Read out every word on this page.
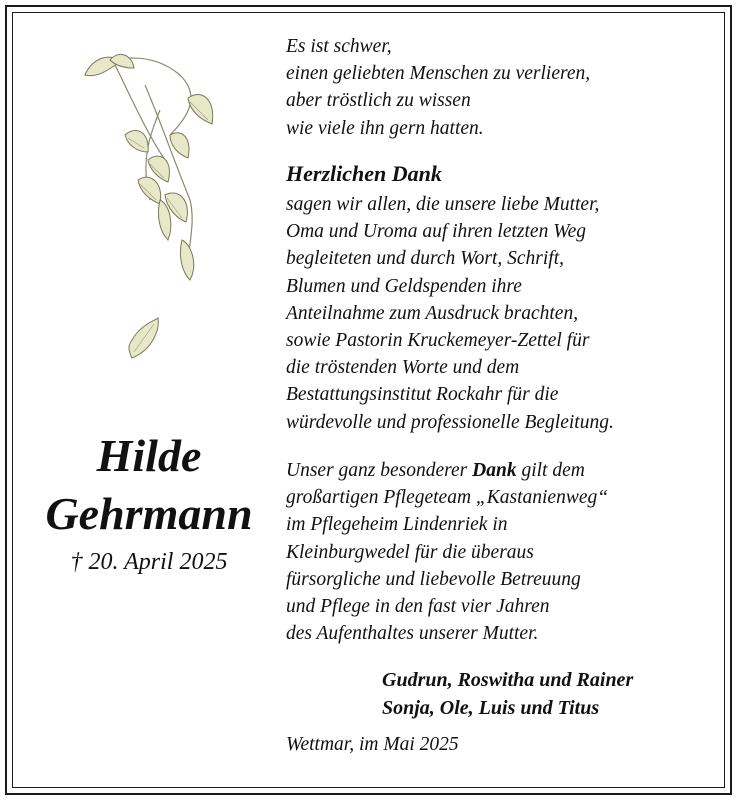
Hilde
Gehrmann
† 20. April 2025
Es ist schwer,
einen geliebten Menschen zu verlieren,
aber tröstlich zu wissen
wie viele ihn gern hatten.
Herzlichen Dank
sagen wir allen, die unsere liebe Mutter,
Oma und Uroma auf ihren letzten Weg
begleiteten und durch Wort, Schrift,
Blumen und Geldspenden ihre
Anteilnahme zum Ausdruck brachten,
sowie Pastorin Kruckemeyer-Zettel für
die tröstenden Worte und dem
Bestattungsinstitut Rockahr für die
würdevolle und professionelle Begleitung.
Unser ganz besonderer Dank gilt dem
großartigen Pflegeteam „Kastanienweg“
im Pflegeheim Lindenriek in
Kleinburgwedel für die überaus
fürsorgliche und liebevolle Betreuung
und Pflege in den fast vier Jahren
des Aufenthaltes unserer Mutter.
Gudrun, Roswitha und Rainer
Sonja, Ole, Luis und Titus
Wettmar, im Mai 2025
